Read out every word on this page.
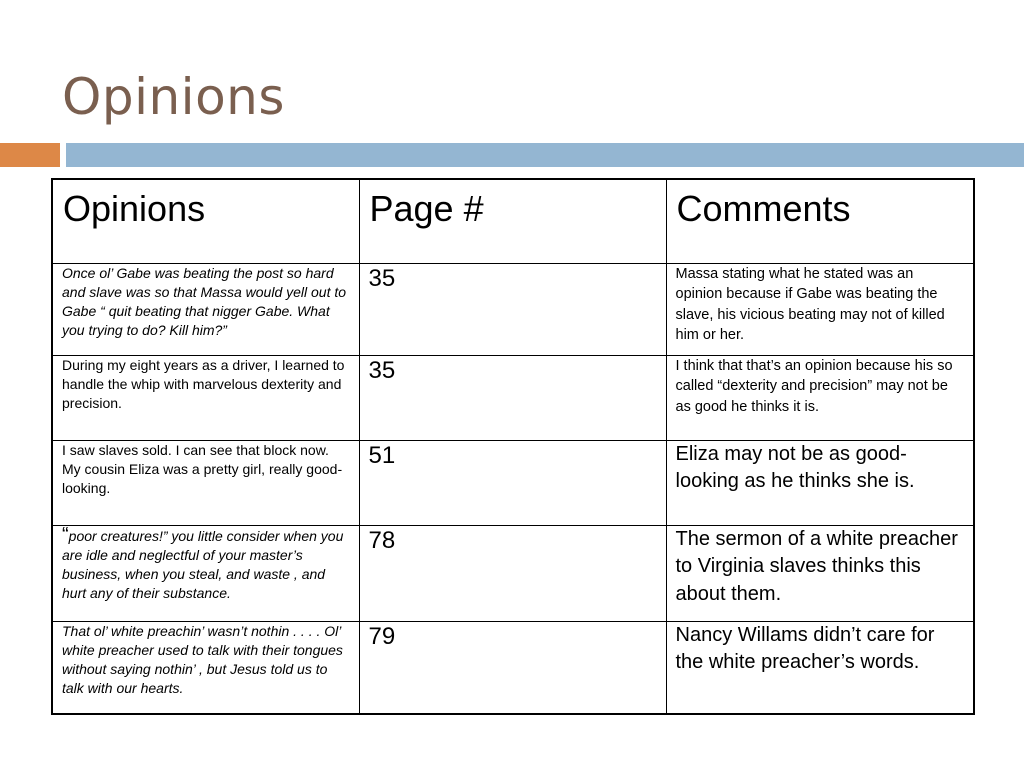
Opinions
Opinions	Page #	Comments
Once ol’ Gabe was beating the post so hard and slave was so that Massa would yell out to Gabe “ quit beating that nigger Gabe. What you trying to do? Kill him?”	35	Massa stating what he stated was an opinion because if Gabe was beating the slave, his vicious beating may not of killed him or her.
During my eight years as a driver, I learned to handle the whip with marvelous dexterity and precision.	35	I think that that’s an opinion because his so called “dexterity and precision” may not be as good he thinks it is.
I saw slaves sold. I can see that block now. My cousin Eliza was a pretty girl, really good-looking.	51	Eliza may not be as good-looking as he thinks she is.
“poor creatures!” you little consider when you are idle and neglectful of your master’s business, when you steal, and waste , and hurt any of their substance.	78	The sermon of a white preacher to Virginia slaves thinks this about them.
That ol’ white preachin’ wasn’t nothin . . . . Ol’ white preacher used to talk with their tongues without saying nothin’ , but Jesus told us to talk with our hearts.	79	Nancy Willams didn’t care for the white preacher’s words.
